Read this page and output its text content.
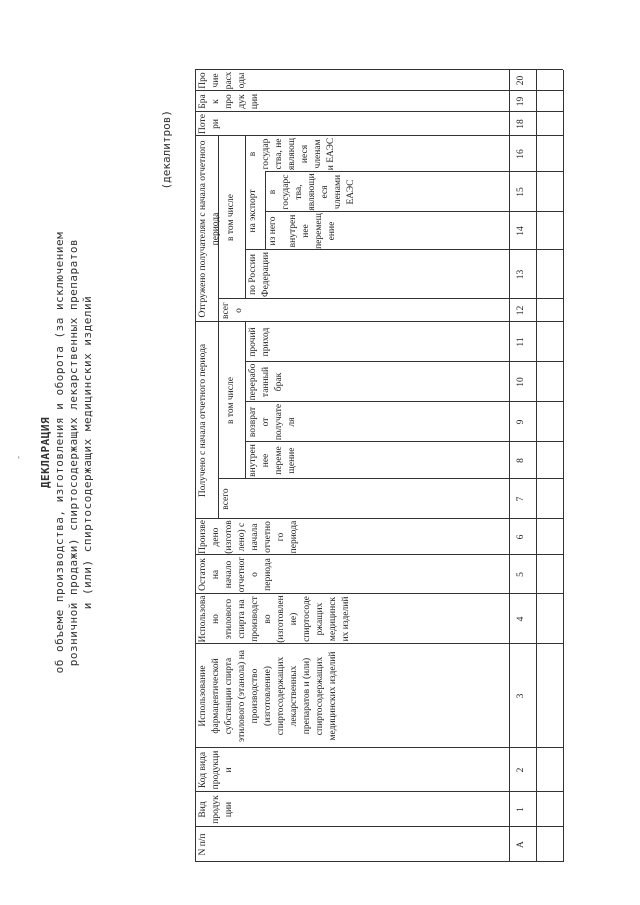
' ДЕКЛАРАЦИЯ об объеме производства, изготовления и оборота (за исключением розничной продажи) спиртосодержащих лекарственных препаратов и (или) спиртосодержащих медицинских изделий
(декалитров)
N п/п
Вид продукции
Код вида продукции
Использование фармацевтической субстанции спирта этилового (этанола) на производство (изготовление) спиртосодержащих лекарственных препаратов и (или) спиртосодержащих медицинских изделий
Использовано этилового спирта на производство (изготовление) спиртосодержащих медицинских изделий
Остаток на начало отчетного периода
Произведено (изготовлено) с начала отчетного периода
Получено с начала отчетного периода
всего
в том числе
внутреннее перемещение
возврат от получателя
переработанный брак
прочий приход
Отгружено получателям с начала отчетного периода
всего
в том числе
по России Федерации
на экспорт	из него
в государства, являющиеся членами ЕАЭС
в государства, не являющиеся членами ЕАЭС
внутреннее перемещение
Потери
Брак продукции
Прочие расходы
А
1
2
3
4
5
6
7
8
9
10
11
12
13
14
15
16
18
19
20
